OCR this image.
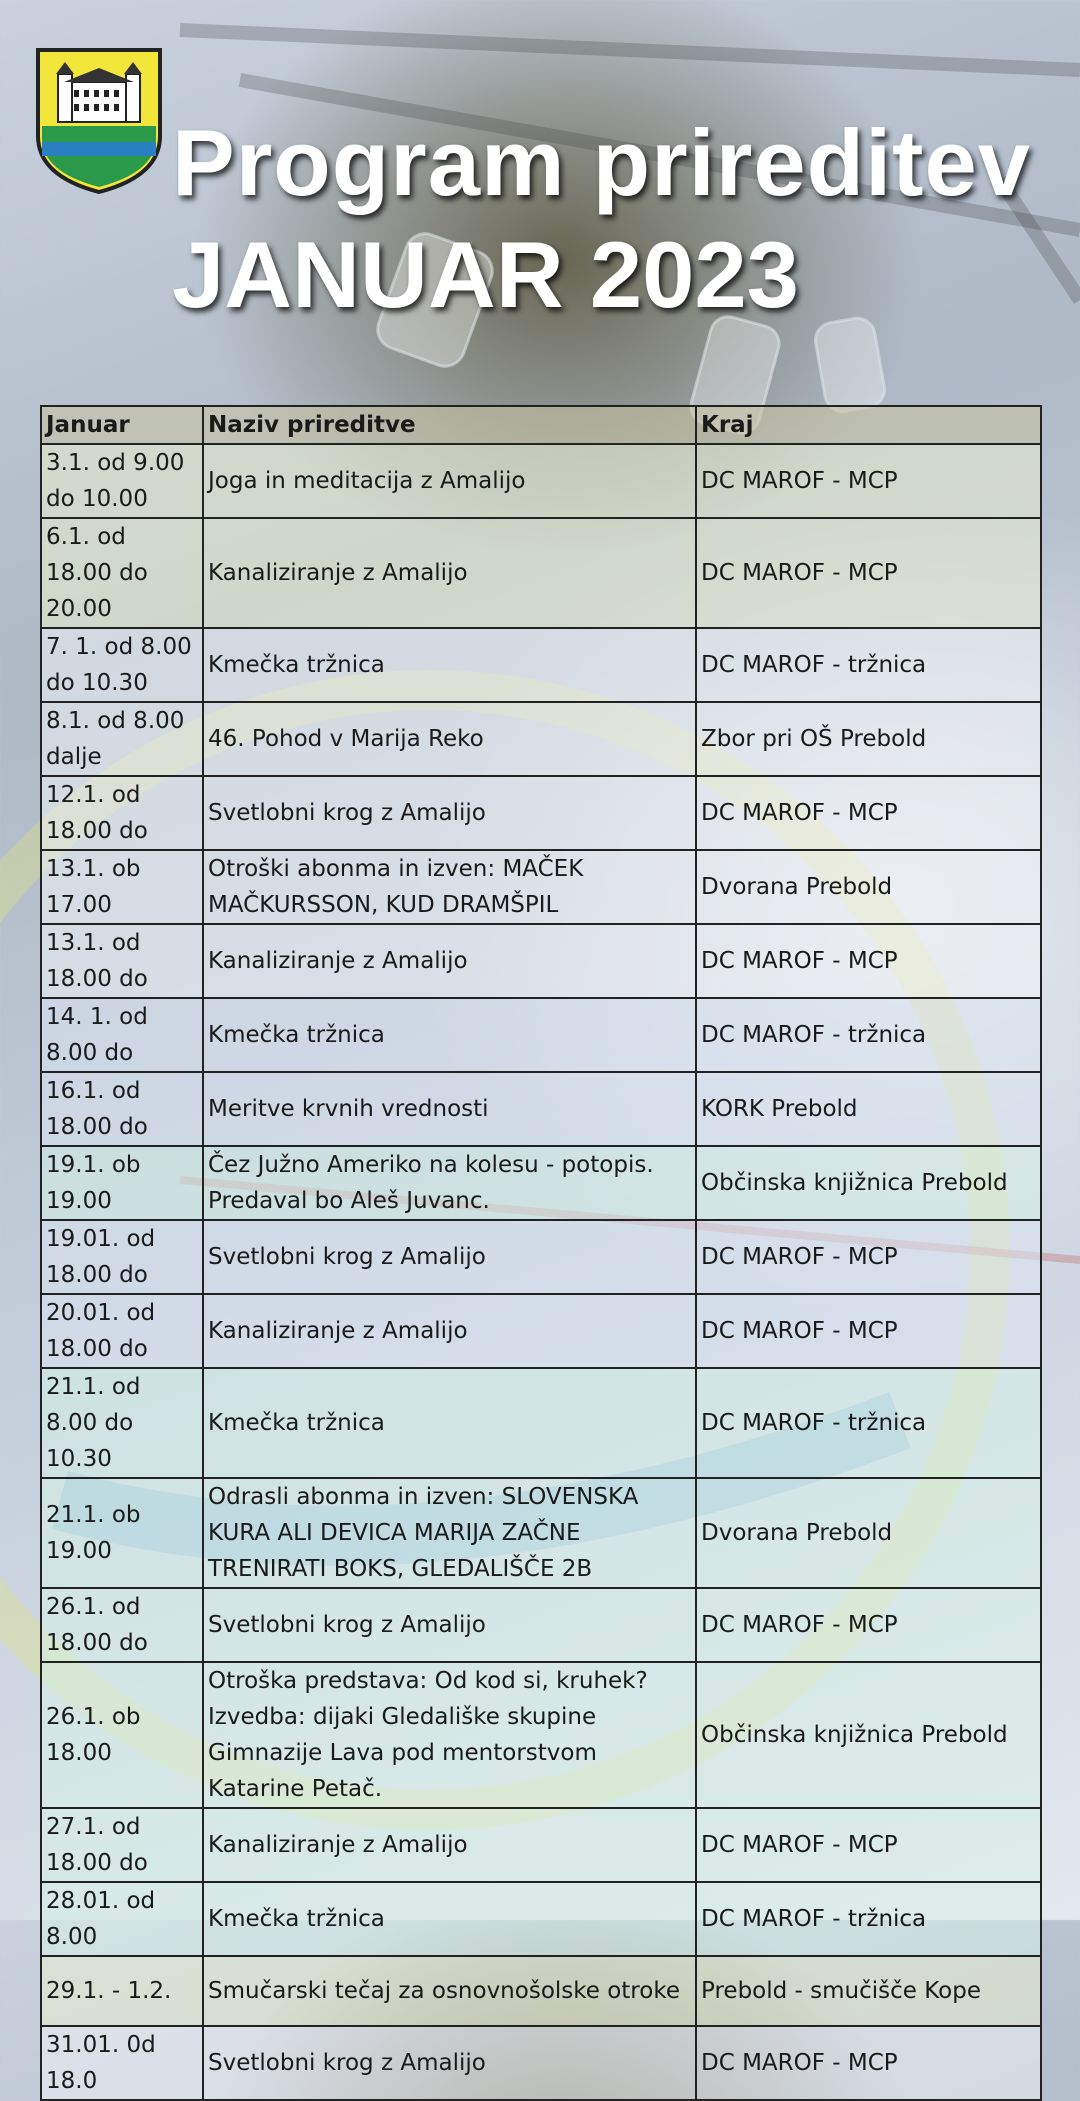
Program prireditev
JANUAR 2023
Januar	Naziv prireditve	Kraj
3.1. od 9.00 do 10.00	Joga in meditacija z Amalijo	DC MAROF - MCP
6.1. od 18.00 do 20.00	Kanaliziranje z Amalijo	DC MAROF - MCP
7. 1. od 8.00 do 10.30	Kmečka tržnica	DC MAROF - tržnica
8.1. od 8.00 dalje	46. Pohod v Marija Reko	Zbor pri OŠ Prebold
12.1. od 18.00 do	Svetlobni krog z Amalijo	DC MAROF - MCP
13.1. ob 17.00	Otroški abonma in izven: MAČEK MAČKURSSON, KUD DRAMŠPIL	Dvorana Prebold
13.1. od 18.00 do	Kanaliziranje z Amalijo	DC MAROF - MCP
14. 1. od 8.00 do	Kmečka tržnica	DC MAROF - tržnica
16.1. od 18.00 do	Meritve krvnih vrednosti	KORK Prebold
19.1. ob 19.00	Čez Južno Ameriko na kolesu - potopis. Predaval bo Aleš Juvanc.	Občinska knjižnica Prebold
19.01. od 18.00 do	Svetlobni krog z Amalijo	DC MAROF - MCP
20.01. od 18.00 do	Kanaliziranje z Amalijo	DC MAROF - MCP
21.1. od 8.00 do 10.30	Kmečka tržnica	DC MAROF - tržnica
21.1. ob 19.00	Odrasli abonma in izven: SLOVENSKA KURA ALI DEVICA MARIJA ZAČNE TRENIRATI BOKS, GLEDALIŠČE 2B	Dvorana Prebold
26.1. od 18.00 do	Svetlobni krog z Amalijo	DC MAROF - MCP
26.1. ob 18.00	Otroška predstava: Od kod si, kruhek? Izvedba: dijaki Gledališke skupine Gimnazije Lava pod mentorstvom Katarine Petač.	Občinska knjižnica Prebold
27.1. od 18.00 do	Kanaliziranje z Amalijo	DC MAROF - MCP
28.01. od 8.00	Kmečka tržnica	DC MAROF - tržnica
29.1. - 1.2.	Smučarski tečaj za osnovnošolske otroke	Prebold - smučišče Kope
31.01. 0d 18.0	Svetlobni krog z Amalijo	DC MAROF - MCP
